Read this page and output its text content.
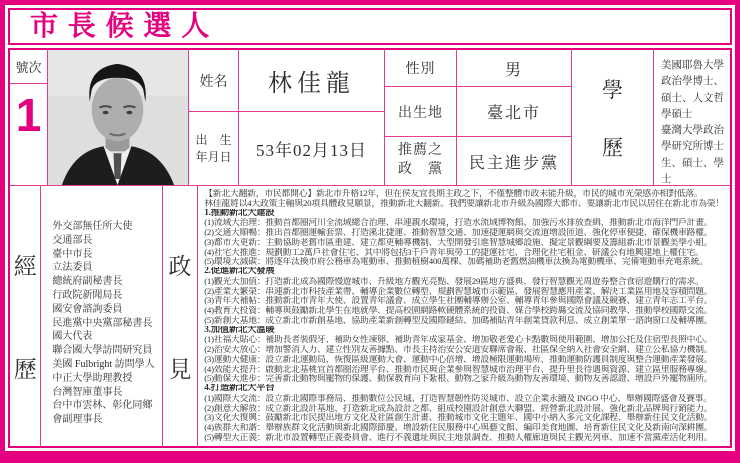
市長候選人
號次
1
姓名	林佳龍
出　生
年月日	53年02月13日
性別	男
出生地	臺北市
推薦之
政　黨	民主進步黨
學
歷
美國耶魯大學政治學博士、碩士、人文哲學碩士
臺灣大學政治學研究所博士生、碩士、學士
經
歷
外交部無任所大使
交通部長
臺中市長
立法委員
總統府副秘書長
行政院新聞局長
國安會諮詢委員
民進黨中央黨部秘書長
國大代表
聯合國大學訪問研究員
美國 Fulbright 訪問學人
中正大學助理教授
台灣智庫董事長
台中市雲林、彰化同鄉會副理事長
政
見
【新北大翻新，市民都開心】新北市升格12年，但在侯友宜長期主政之下，不僅整體市政未能升級，市民的城市光榮感亦相對低落。
林佳龍將以4大政策主軸與20項具體政見願景，推動新北大翻新。我們要讓新北市升級為國際大都市、要讓新北市民以居住在新北市為榮！
1.推動新北大建設
(1)流域大治理：推動首都圈河川全流域總合治理、串連親水環境，打造水流域博物館、加強污水排放查緝，推動新北市海洋門戶計畫。
(2)交通大順暢：推出首都圈運輸套票、打造溪北捷運、推動智慧交通、加速捷運網與交流道增設匝道、強化停車便捷、確保機車路權。
(3)都市大更新：主動協助老舊市區重建、建立都更輔導機制、大型開發引進智慧城鄉設施、擬定景觀綱要及籌組新北市景觀美學小組。
(4)社宅大推進：規劃動工2萬戶社會住宅、其中將包括3千戶青年與勞工的捷運社宅、合理化社宅租金、研議公有地興建地上權住宅。
(5)環境大減碳：將逐年汰換市府公務車為電動車、推動植樹400萬棵、加碼補助老舊燃油機車汰換為電動機車、完備電動車充電系統。
2.促進新北大發展
(1)觀光大加值：打造新北成為國際慢遊城市、升級地方觀光亮點、發展29區地方盛典、發行智慧觀光周遊券整合食宿遊購行的需求。
(2)產業大繁榮：串連新北市科技產業帶、輔導企業數位轉型、規劃智慧城市示範區、發展智慧應用產業、解決工業區用地及容積問題。
(3)青年大補帖：推動新北市青年大使、設置青年議會、成立學生社團輔導辦公室、輔導青年參與國際會議及競賽、建立青年志工平台。
(4)教育大投資：輔導與鼓勵新北學生在地就學、提高校園網路軟硬體系統的投資、媒合學校跨縣交流及協同教學、推動學校國際交流。
(5)新創大基地：成立新北市新創基地、協助產業新創轉型及國際鏈結、加碼補貼青年創業貸款利息、成立創業單一諮詢窗口及輔導團。
3.加值新北大溫暖
(1)社福大貼心：補助長者裝假牙、補助女性凍卵、補助青年成家基金、增加敬老愛心卡點數與使用範圍、增加公托及住宿型長照中心。
(2)治安大放心：增加警消人力、建立性別友善據點、市長主持治安公安道安聯席會報、社區保全納入社會安全網、建立公私協力機制。
(3)運動大健康：設立新北運動局、恢復區級運動大會、運動中心倍增、增設極限運動場所、推動運動防護員制度與整合運動產業發展。
(4)效能大提升：啟動北北基桃宜首都圈治理平台、推動市民與企業參與智慧城市治理平台、提升里長待遇與資源、建立區里服務專線。
(5)動保大進步：完善新北動物與寵物的保護、動保教育向下紮根、動物之家升級為動物友善環境、動物友善認證、增設戶外寵物廁所。
4.打造新北大平台
(1)國際大交流：設立新北國際事務局、推動數位公民城、打造智慧韌性防災城市、設立企業永續及 INGO 中心、舉辦國際盛會及賽事。
(2)創意大解放：成立新北設計基地、打造新北成為設計之都、組成校園設計創意大聯盟、經營新北設計展、強化新北品牌與行銷能力。
(3)文化大復興：鼓勵新北市民提出地方文化及社區創生計畫、推動城市文化主題年、國中小納入多元文化課程、舉辦新住民文化活動。
(4)族群大和諧：舉辦族群文化活動與新北國際節慶、增設新住民服務中心與藝文館、編印美食地圖、培育新住民文化及新南向深耕團。
(5)轉型大正義：新北市設置轉型正義委員會、進行不義遺址與民主地景調查、推動人權廊道與民主觀光列車、加速不當黨產活化利用。
